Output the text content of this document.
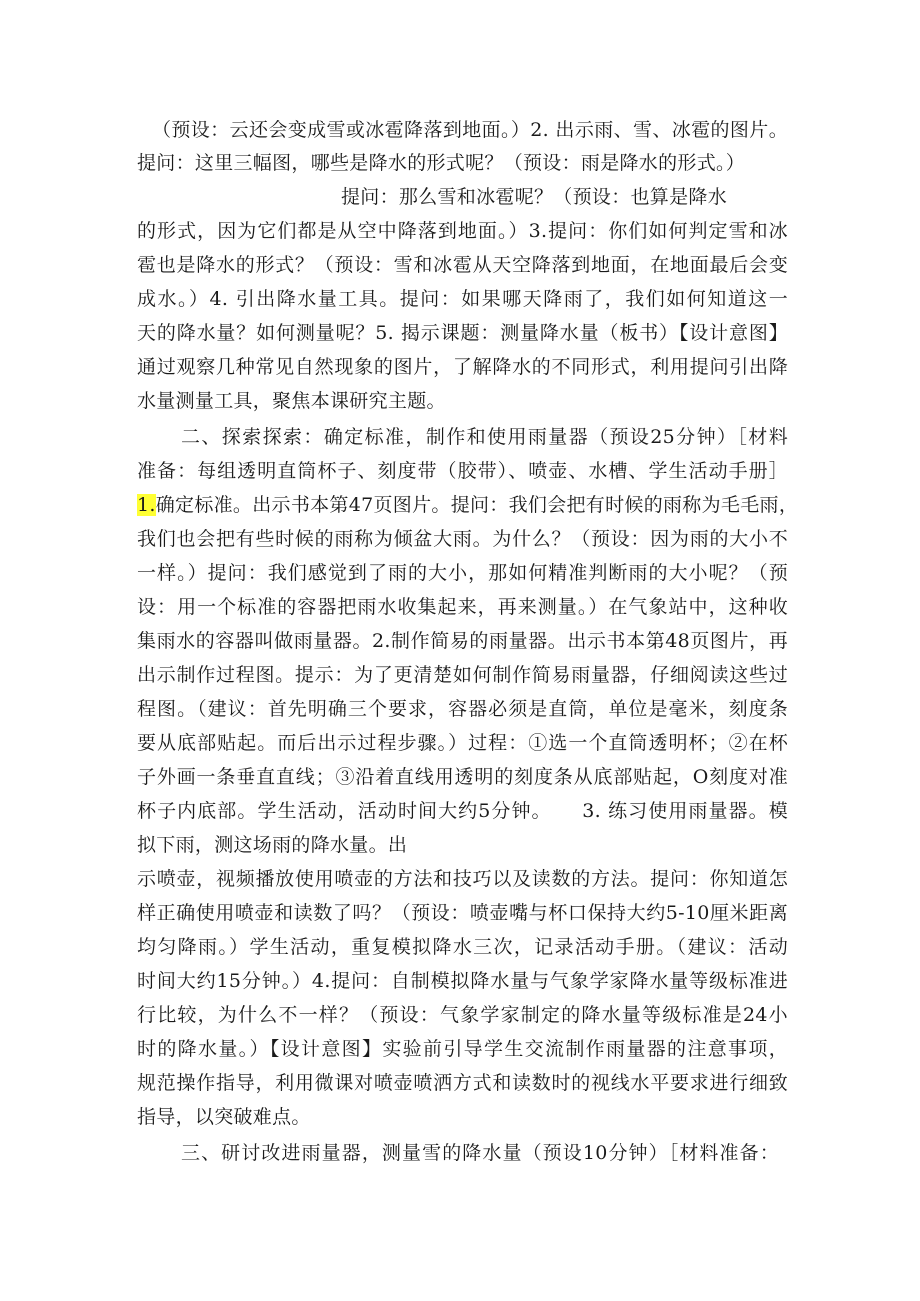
（预设：云还会变成雪或冰雹降落到地面。）2. 出示雨、雪、冰雹的图片。
提问：这里三幅图，哪些是降水的形式呢？（预设：雨是降水的形式。）
提问：那么雪和冰雹呢？（预设：也算是降水
的形式，因为它们都是从空中降落到地面。）3.提问：你们如何判定雪和冰
雹也是降水的形式？（预设：雪和冰雹从天空降落到地面，在地面最后会变
成水。）4. 引出降水量工具。提问：如果哪天降雨了，我们如何知道这一
天的降水量？如何测量呢？5. 揭示课题：测量降水量（板书）【设计意图】
通过观察几种常见自然现象的图片，了解降水的不同形式，利用提问引出降
水量测量工具，聚焦本课研究主题。
二、探索探索：确定标准，制作和使用雨量器（预设25分钟）［材料
准备：每组透明直筒杯子、刻度带（胶带）、喷壶、水槽、学生活动手册］
1.确定标准。出示书本第47页图片。提问：我们会把有时候的雨称为毛毛雨，
我们也会把有些时候的雨称为倾盆大雨。为什么？（预设：因为雨的大小不
一样。）提问：我们感觉到了雨的大小，那如何精准判断雨的大小呢？（预
设：用一个标准的容器把雨水收集起来，再来测量。）在气象站中，这种收
集雨水的容器叫做雨量器。2.制作简易的雨量器。出示书本第48页图片，再
出示制作过程图。提示：为了更清楚如何制作简易雨量器，仔细阅读这些过
程图。（建议：首先明确三个要求，容器必须是直筒，单位是毫米，刻度条
要从底部贴起。而后出示过程步骤。）过程：①选一个直筒透明杯；②在杯
子外画一条垂直直线；③沿着直线用透明的刻度条从底部贴起，O刻度对准
杯子内底部。学生活动，活动时间大约5分钟。　　3. 练习使用雨量器。模
拟下雨，测这场雨的降水量。出
示喷壶，视频播放使用喷壶的方法和技巧以及读数的方法。提问：你知道怎
样正确使用喷壶和读数了吗？（预设：喷壶嘴与杯口保持大约5-10厘米距离
均匀降雨。）学生活动，重复模拟降水三次，记录活动手册。（建议：活动
时间大约15分钟。）4.提问：自制模拟降水量与气象学家降水量等级标准进
行比较，为什么不一样？（预设：气象学家制定的降水量等级标准是24小
时的降水量。）【设计意图】实验前引导学生交流制作雨量器的注意事项，
规范操作指导，利用微课对喷壶喷洒方式和读数时的视线水平要求进行细致
指导，以突破难点。
三、研讨改进雨量器，测量雪的降水量（预设10分钟）［材料准备：
